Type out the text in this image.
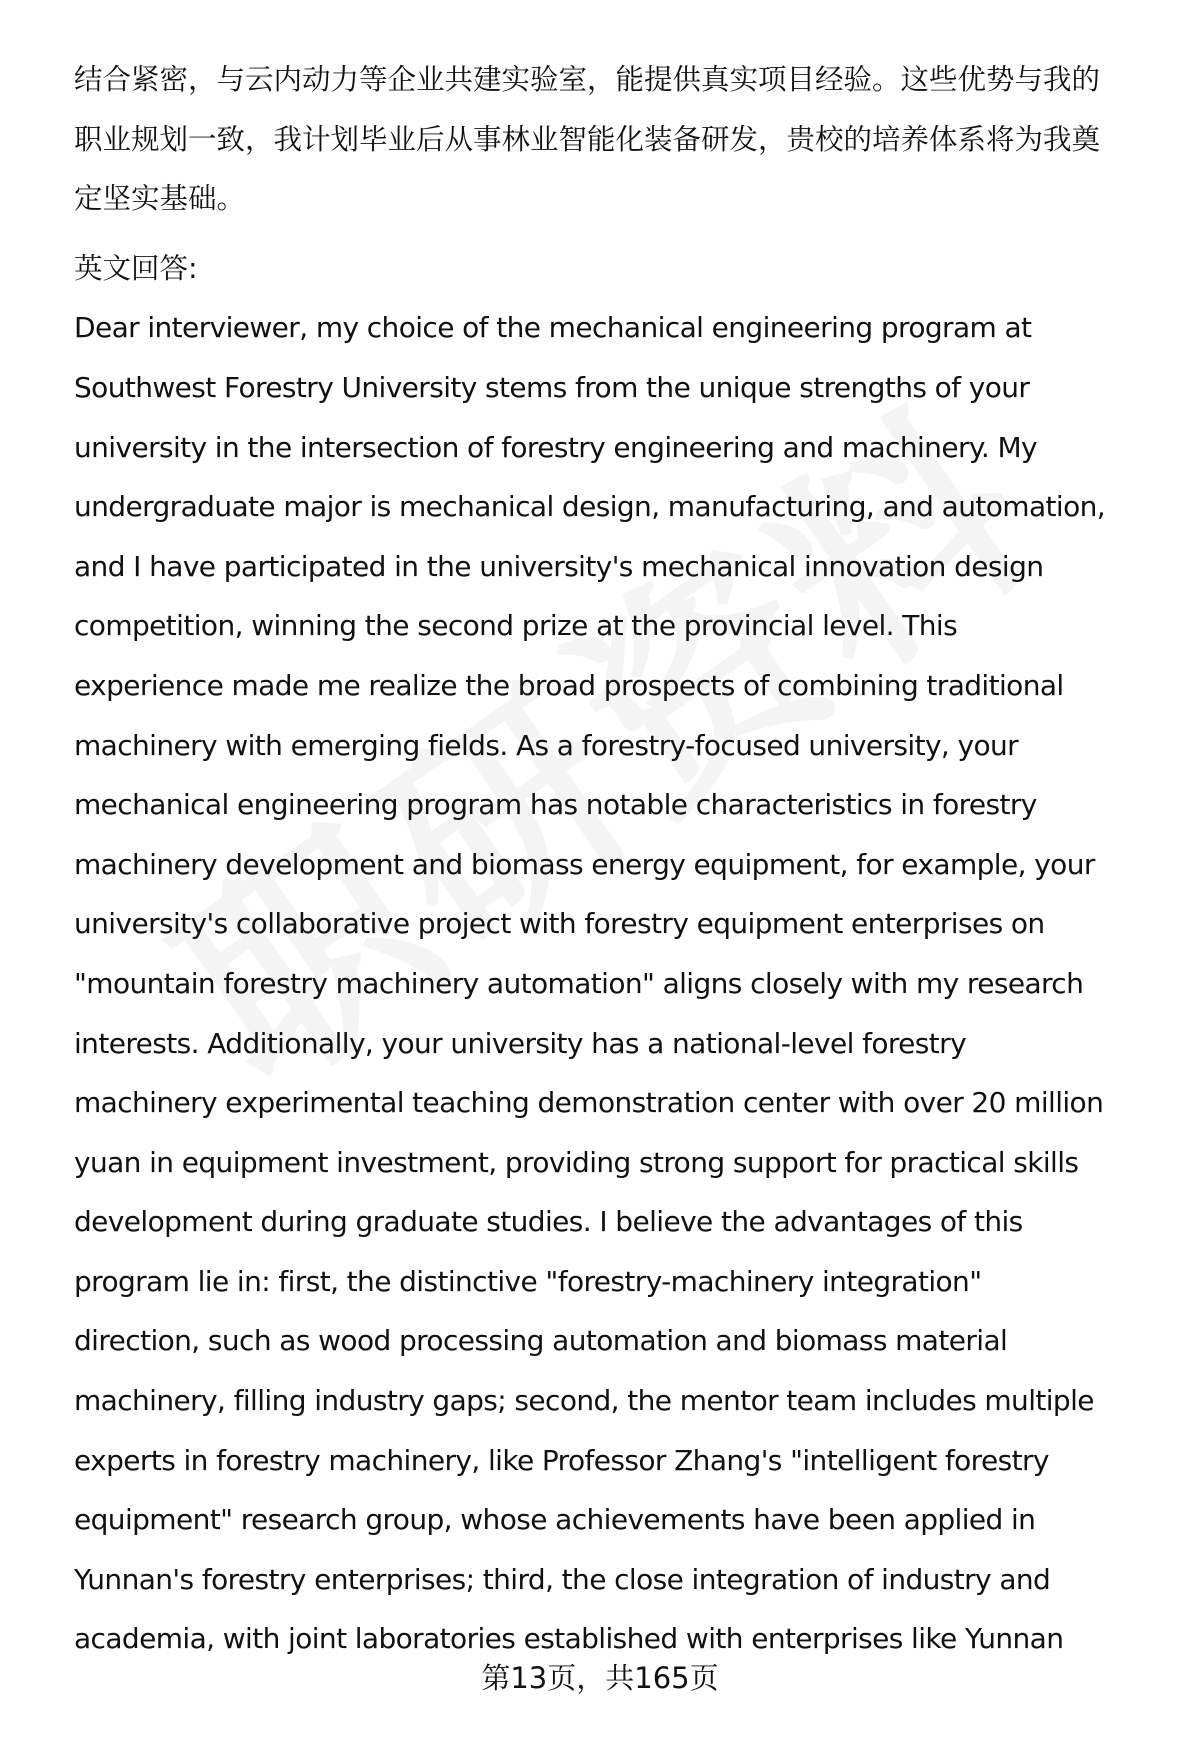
结合紧密，与云内动力等企业共建实验室，能提供真实项目经验。这些优势与我的
职业规划一致，我计划毕业后从事林业智能化装备研发，贵校的培养体系将为我奠
定坚实基础。
英文回答:
Dear interviewer, my choice of the mechanical engineering program at
Southwest Forestry University stems from the unique strengths of your
university in the intersection of forestry engineering and machinery. My
undergraduate major is mechanical design, manufacturing, and automation,
and I have participated in the university's mechanical innovation design
competition, winning the second prize at the provincial level. This
experience made me realize the broad prospects of combining traditional
machinery with emerging fields. As a forestry-focused university, your
mechanical engineering program has notable characteristics in forestry
machinery development and biomass energy equipment, for example, your
university's collaborative project with forestry equipment enterprises on
"mountain forestry machinery automation" aligns closely with my research
interests. Additionally, your university has a national-level forestry
machinery experimental teaching demonstration center with over 20 million
yuan in equipment investment, providing strong support for practical skills
development during graduate studies. I believe the advantages of this
program lie in: first, the distinctive "forestry-machinery integration"
direction, such as wood processing automation and biomass material
machinery, filling industry gaps; second, the mentor team includes multiple
experts in forestry machinery, like Professor Zhang's "intelligent forestry
equipment" research group, whose achievements have been applied in
Yunnan's forestry enterprises; third, the close integration of industry and
academia, with joint laboratories established with enterprises like Yunnan
第13页，共165页
